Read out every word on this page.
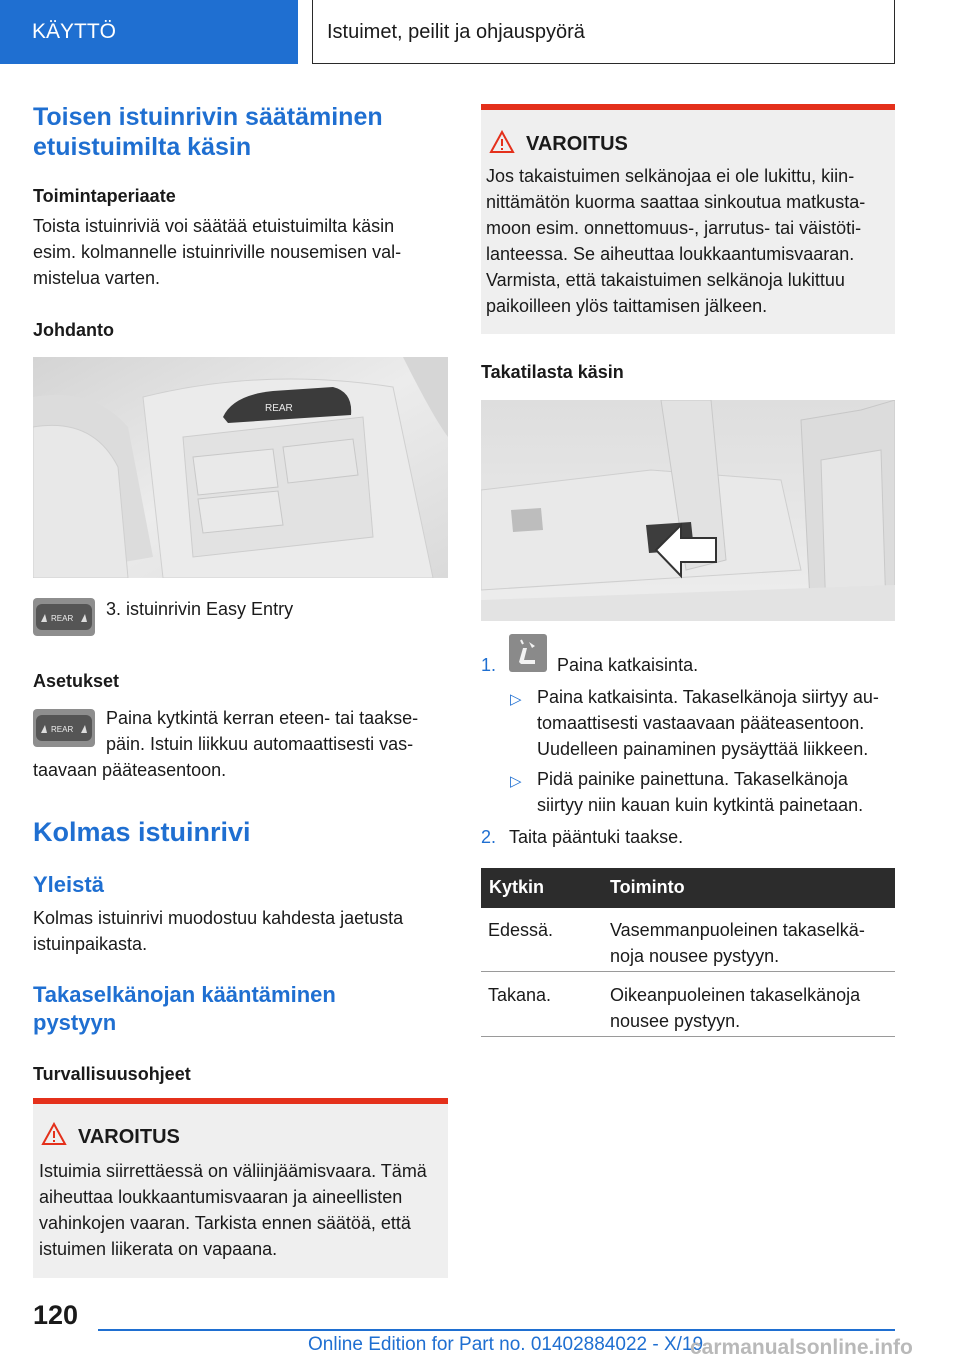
KÄYTTÖ	Istuimet, peilit ja ohjauspyörä
Toisen istuinrivin säätäminen
etuistuimilta käsin
Toimintaperiaate
Toista istuinriviä voi säätää etuistuimilta käsin
esim. kolmannelle istuinriville nousemisen val-
mistelua varten.
Johdanto
REAR
REAR 3. istuinrivin Easy Entry
Asetukset
REAR
Paina kytkintä kerran eteen- tai taakse-
päin. Istuin liikkuu automaattisesti vas-
taavaan pääteasentoon.
Kolmas istuinrivi
Yleistä
Kolmas istuinrivi muodostuu kahdesta jaetusta
istuinpaikasta.
Takaselkänojan kääntäminen
pystyyn
Turvallisuusohjeet
VAROITUS
Istuimia siirrettäessä on väliinjäämisvaara. Tämä
aiheuttaa loukkaantumisvaaran ja aineellisten
vahinkojen vaaran. Tarkista ennen säätöä, että
istuimen liikerata on vapaana.
VAROITUS
Jos takaistuimen selkänojaa ei ole lukittu, kiin-
nittämätön kuorma saattaa sinkoutua matkusta-
moon esim. onnettomuus-, jarrutus- tai väistöti-
lanteessa. Se aiheuttaa loukkaantumisvaaran.
Varmista, että takaistuimen selkänoja lukittuu
paikoilleen ylös taittamisen jälkeen.
Takatilasta käsin
1.	Paina katkaisinta.
▷ Paina katkaisinta. Takaselkänoja siirtyy au-
tomaattisesti vastaavaan pääteasentoon.
Uudelleen painaminen pysäyttää liikkeen.
▷ Pidä painike painettuna. Takaselkänoja
siirtyy niin kauan kuin kytkintä painetaan.
2. Taita pääntuki taakse.
Kytkin	Toiminto
Edessä.	Vasemmanpuoleinen takaselkä-
noja nousee pystyyn.
Takana.	Oikeanpuoleinen takaselkänoja
nousee pystyyn.
120
Online Edition for Part no. 01402884022 - X/19
carmanualsonline.info
